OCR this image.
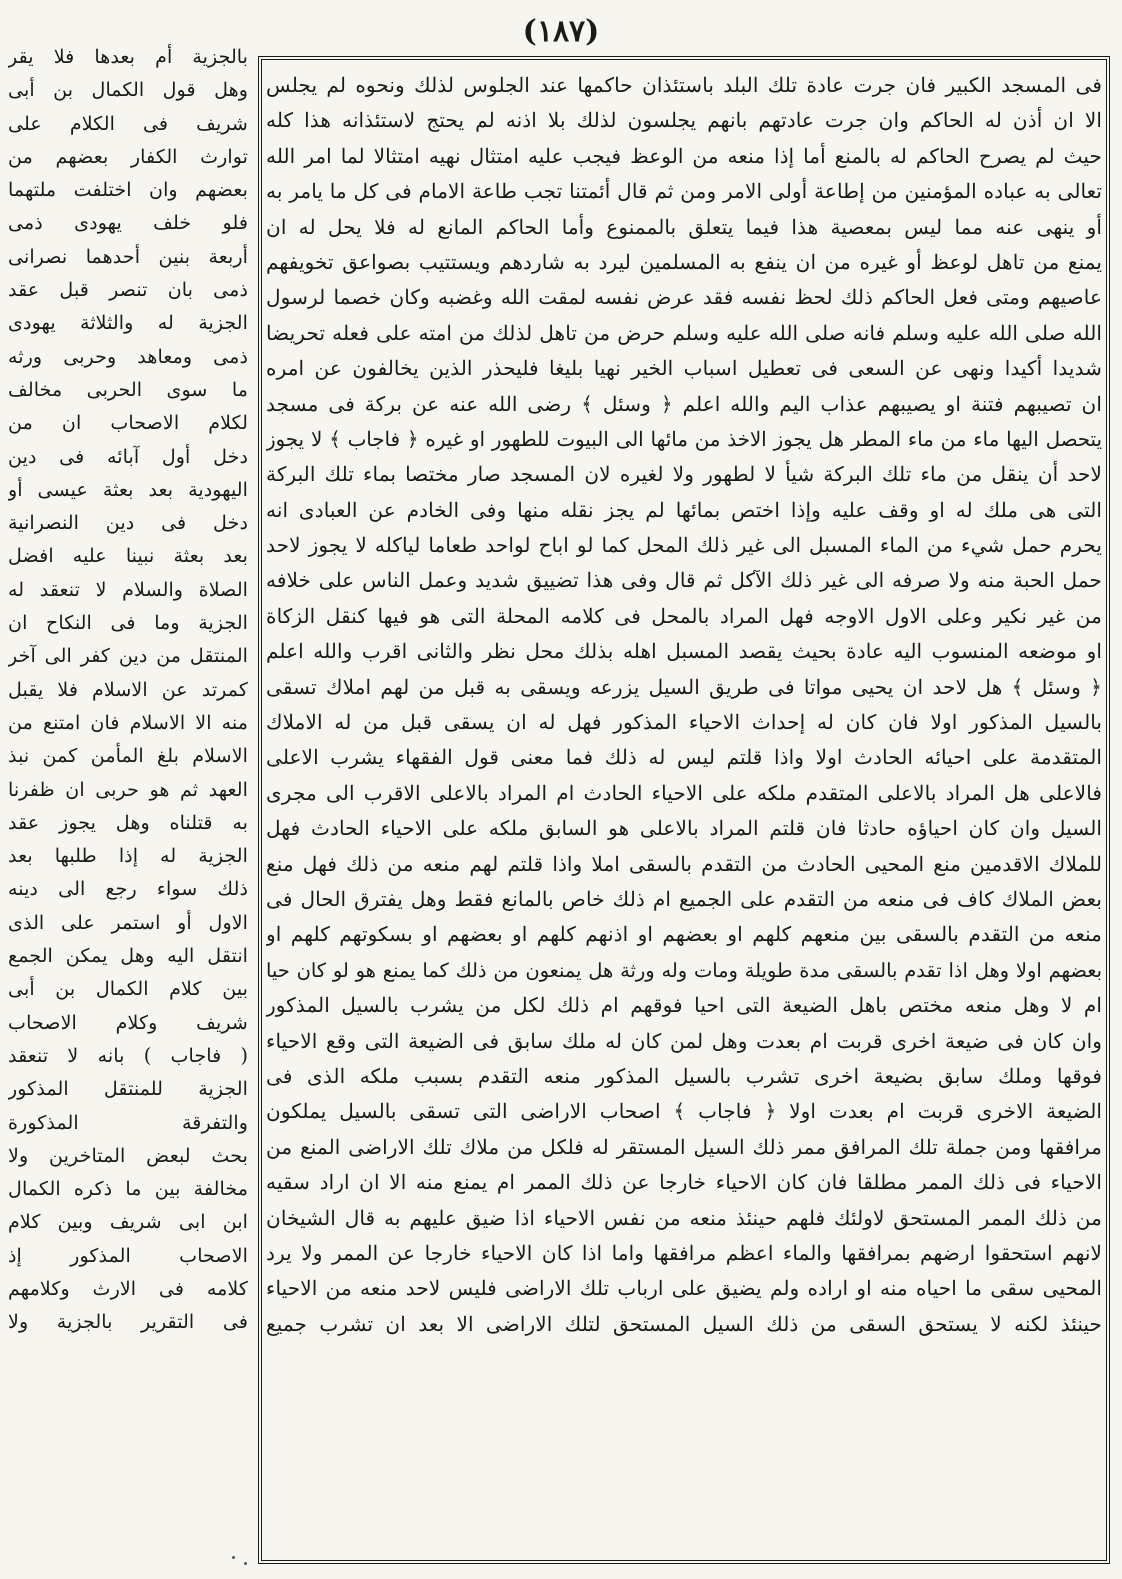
(١٨٧)
فى المسجد الكبير فان جرت عادة تلك البلد باستئذان حاكمها عند الجلوس لذلك ونحوه لم يجلس
الا ان أذن له الحاكم وان جرت عادتهم بانهم يجلسون لذلك بلا اذنه لم يحتج لاستئذانه هذا كله
حيث لم يصرح الحاكم له بالمنع أما إذا منعه من الوعظ فيجب عليه امتثال نهيه امتثالا لما امر الله
تعالى به عباده المؤمنين من إطاعة أولى الامر ومن ثم قال أئمتنا تجب طاعة الامام فى كل ما يامر به
أو ينهى عنه مما ليس بمعصية هذا فيما يتعلق بالممنوع وأما الحاكم المانع له فلا يحل له ان
يمنع من تاهل لوعظ أو غيره من ان ينفع به المسلمين ليرد به شاردهم ويستتيب بصواعق تخويفهم
عاصيهم ومتى فعل الحاكم ذلك لحظ نفسه فقد عرض نفسه لمقت الله وغضبه وكان خصما لرسول
الله صلى الله عليه وسلم فانه صلى الله عليه وسلم حرض من تاهل لذلك من امته على فعله تحريضا
شديدا أكيدا ونهى عن السعى فى تعطيل اسباب الخير نهيا بليغا فليحذر الذين يخالفون عن امره
ان تصيبهم فتنة او يصيبهم عذاب اليم والله اعلم ﴿ وسئل ﴾ رضى الله عنه عن بركة فى مسجد
يتحصل اليها ماء من ماء المطر هل يجوز الاخذ من مائها الى البيوت للطهور او غيره ﴿ فاجاب ﴾ لا يجوز
لاحد أن ينقل من ماء تلك البركة شيأ لا لطهور ولا لغيره لان المسجد صار مختصا بماء تلك البركة
التى هى ملك له او وقف عليه وإذا اختص بمائها لم يجز نقله منها وفى الخادم عن العبادى انه
يحرم حمل شيء من الماء المسبل الى غير ذلك المحل كما لو اباح لواحد طعاما لياكله لا يجوز لاحد
حمل الحبة منه ولا صرفه الى غير ذلك الآكل ثم قال وفى هذا تضييق شديد وعمل الناس على خلافه
من غير نكير وعلى الاول الاوجه فهل المراد بالمحل فى كلامه المحلة التى هو فيها كنقل الزكاة
او موضعه المنسوب اليه عادة بحيث يقصد المسبل اهله بذلك محل نظر والثانى اقرب والله اعلم
﴿ وسئل ﴾ هل لاحد ان يحيى مواتا فى طريق السيل يزرعه ويسقى به قبل من لهم املاك تسقى
بالسيل المذكور اولا فان كان له إحداث الاحياء المذكور فهل له ان يسقى قبل من له الاملاك
المتقدمة على احيائه الحادث اولا واذا قلتم ليس له ذلك فما معنى قول الفقهاء يشرب الاعلى
فالاعلى هل المراد بالاعلى المتقدم ملكه على الاحياء الحادث ام المراد بالاعلى الاقرب الى مجرى
السيل وان كان احياؤه حادثا فان قلتم المراد بالاعلى هو السابق ملكه على الاحياء الحادث فهل
للملاك الاقدمين منع المحيى الحادث من التقدم بالسقى املا واذا قلتم لهم منعه من ذلك فهل منع
بعض الملاك كاف فى منعه من التقدم على الجميع ام ذلك خاص بالمانع فقط وهل يفترق الحال فى
منعه من التقدم بالسقى بين منعهم كلهم او بعضهم او اذنهم كلهم او بعضهم او بسكوتهم كلهم او
بعضهم اولا وهل اذا تقدم بالسقى مدة طويلة ومات وله ورثة هل يمنعون من ذلك كما يمنع هو لو كان حيا
ام لا وهل منعه مختص باهل الضيعة التى احيا فوقهم ام ذلك لكل من يشرب بالسيل المذكور
وان كان فى ضيعة اخرى قربت ام بعدت وهل لمن كان له ملك سابق فى الضيعة التى وقع الاحياء
فوقها وملك سابق بضيعة اخرى تشرب بالسيل المذكور منعه التقدم بسبب ملكه الذى فى
الضيعة الاخرى قربت ام بعدت اولا ﴿ فاجاب ﴾ اصحاب الاراضى التى تسقى بالسيل يملكون
مرافقها ومن جملة تلك المرافق ممر ذلك السيل المستقر له فلكل من ملاك تلك الاراضى المنع من
الاحياء فى ذلك الممر مطلقا فان كان الاحياء خارجا عن ذلك الممر ام يمنع منه الا ان اراد سقيه
من ذلك الممر المستحق لاولئك فلهم حينئذ منعه من نفس الاحياء اذا ضيق عليهم به قال الشيخان
لانهم استحقوا ارضهم بمرافقها والماء اعظم مرافقها واما اذا كان الاحياء خارجا عن الممر ولا يرد
المحيى سقى ما احياه منه او اراده ولم يضيق على ارباب تلك الاراضى فليس لاحد منعه من الاحياء
حينئذ لكنه لا يستحق السقى من ذلك السيل المستحق لتلك الاراضى الا بعد ان تشرب جميع
بالجزية أم بعدها فلا يقر
وهل قول الكمال بن أبى
شريف فى الكلام على
توارث الكفار بعضهم من
بعضهم وان اختلفت ملتهما
فلو خلف يهودى ذمى
أربعة بنين أحدهما نصرانى
ذمى بان تنصر قبل عقد
الجزية له والثلاثة يهودى
ذمى ومعاهد وحربى ورثه
ما سوى الحربى مخالف
لكلام الاصحاب ان من
دخل أول آبائه فى دين
اليهودية بعد بعثة عيسى أو
دخل فى دين النصرانية
بعد بعثة نبينا عليه افضل
الصلاة والسلام لا تنعقد له
الجزية وما فى النكاح ان
المنتقل من دين كفر الى آخر
كمرتد عن الاسلام فلا يقبل
منه الا الاسلام فان امتنع من
الاسلام بلغ المأمن كمن نبذ
العهد ثم هو حربى ان ظفرنا
به قتلناه وهل يجوز عقد
الجزية له إذا طلبها بعد
ذلك سواء رجع الى دينه
الاول أو استمر على الذى
انتقل اليه وهل يمكن الجمع
بين كلام الكمال بن أبى
شريف وكلام الاصحاب
( فاجاب ) بانه لا تنعقد
الجزية للمنتقل المذكور
والتفرقة المذكورة
بحث لبعض المتاخرين ولا
مخالفة بين ما ذكره الكمال
ابن ابى شريف وبين كلام
الاصحاب المذكور إذ
كلامه فى الارث وكلامهم
فى التقرير بالجزية ولا
